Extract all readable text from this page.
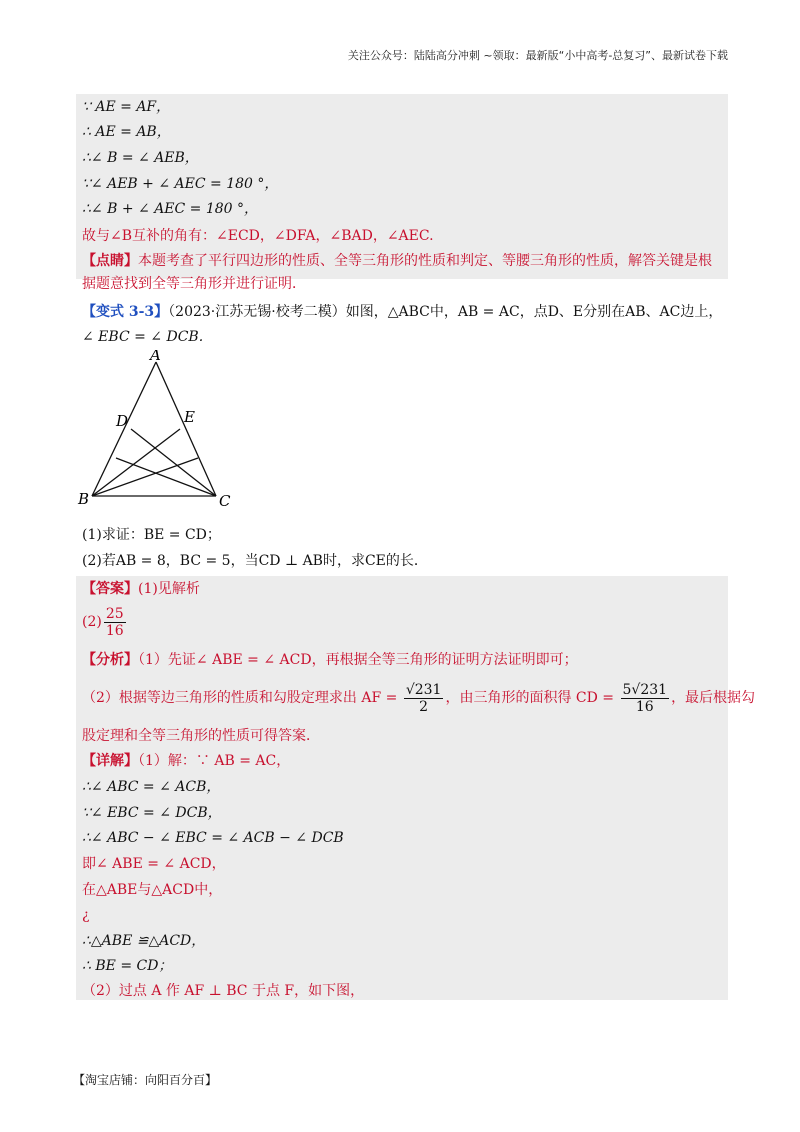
关注公众号：陆陆高分冲刺 ~领取：最新版“小中高考-总复习”、最新试卷下载
∵ AE = AF，
∴ AE = AB，
∴∠ B = ∠ AEB，
∵∠ AEB + ∠ AEC = 180 °，
∴∠ B + ∠ AEC = 180 °，
故与∠B互补的角有：∠ECD，∠DFA，∠BAD，∠AEC.
【点睛】本题考查了平行四边形的性质、全等三角形的性质和判定、等腰三角形的性质，解答关键是根
据题意找到全等三角形并进行证明．
【变式 3-3】（2023·江苏无锡·校考二模）如图，△ABC中，AB = AC，点D、E分别在AB、AC边上，
∠ EBC = ∠ DCB.
A
B	C
D	E
(1)求证：BE = CD；
(2)若AB = 8，BC = 5，当CD ⊥ AB时，求CE的长．
【答案】(1)见解析
$(2) \frac{25}{16}$
【分析】（1）先证∠ ABE = ∠ ACD，再根据全等三角形的证明方法证明即可；
（2）根据等边三角形的性质和勾股定理求出 AF = $\frac{√231}{2}$ ，由三角形的面积得 CD = $\frac{5√231}{16}$ ，最后根据勾
股定理和全等三角形的性质可得答案．
【详解】（1）解：∵ AB = AC，
∴∠ ABC = ∠ ACB，
∵∠ EBC = ∠ DCB，
∴∠ ABC − ∠ EBC = ∠ ACB − ∠ DCB
即∠ ABE = ∠ ACD，
在△ABE与△ACD中，
¿
∴△ABE ≌△ACD，
∴ BE = CD；
（2）过点 A 作 AF ⊥ BC 于点 F，如下图，
【淘宝店铺：向阳百分百】
